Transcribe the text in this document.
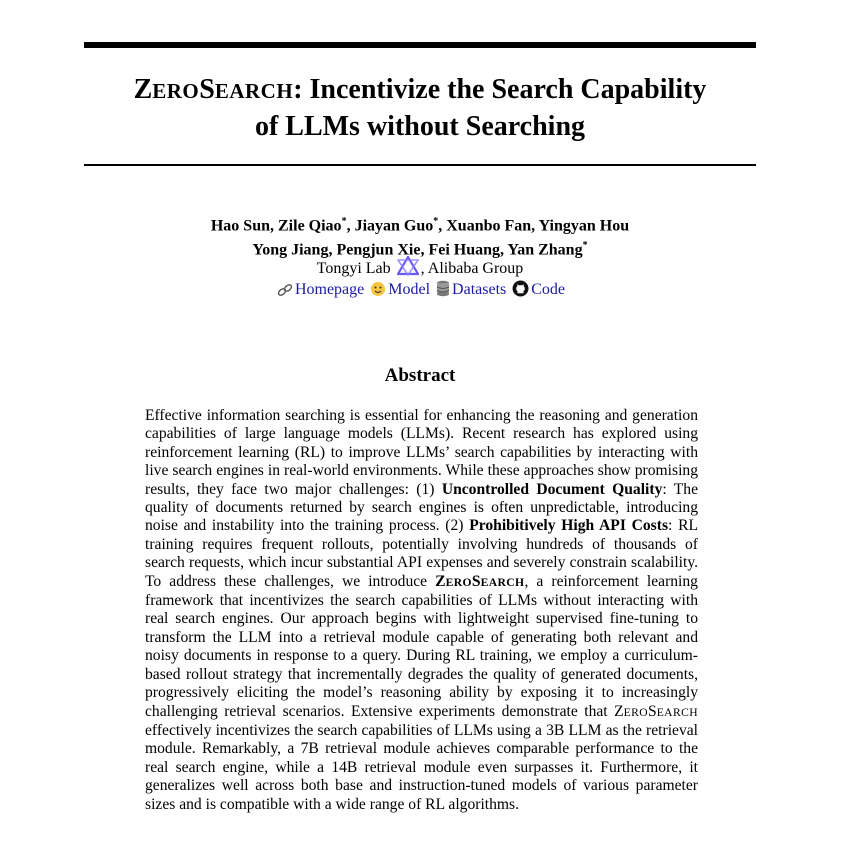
ZEROSEARCH: Incentivize the Search Capability
of LLMs without Searching
Hao Sun, Zile Qiao*, Jiayan Guo*, Xuanbo Fan, Yingyan Hou
Yong Jiang, Pengjun Xie, Fei Huang, Yan Zhang*
Tongyi Lab , Alibaba Group
Homepage Model Datasets Code
Abstract
Effective information searching is essential for enhancing the reasoning and generation capabilities of large language models (LLMs). Recent research has explored using reinforcement learning (RL) to improve LLMs’ search capabilities by interacting with live search engines in real-world environments. While these approaches show promising results, they face two major challenges: (1) Uncontrolled Document Quality: The quality of documents returned by search engines is often unpredictable, introducing noise and instability into the training process. (2) Prohibitively High API Costs: RL training requires frequent rollouts, potentially involving hundreds of thousands of search requests, which incur substantial API expenses and severely constrain scalability. To address these challenges, we introduce ZEROSEARCH, a reinforcement learning framework that incentivizes the search capabilities of LLMs without interacting with real search engines. Our approach begins with lightweight supervised fine-tuning to transform the LLM into a retrieval module capable of generating both relevant and noisy documents in response to a query. During RL training, we employ a curriculum-based rollout strategy that incrementally degrades the quality of generated documents, progressively eliciting the model’s reasoning ability by exposing it to increasingly challenging retrieval scenarios. Extensive experiments demonstrate that ZEROSEARCH effectively incentivizes the search capabilities of LLMs using a 3B LLM as the retrieval module. Remarkably, a 7B retrieval module achieves comparable performance to the real search engine, while a 14B retrieval module even surpasses it. Furthermore, it generalizes well across both base and instruction-tuned models of various parameter sizes and is compatible with a wide range of RL algorithms.
